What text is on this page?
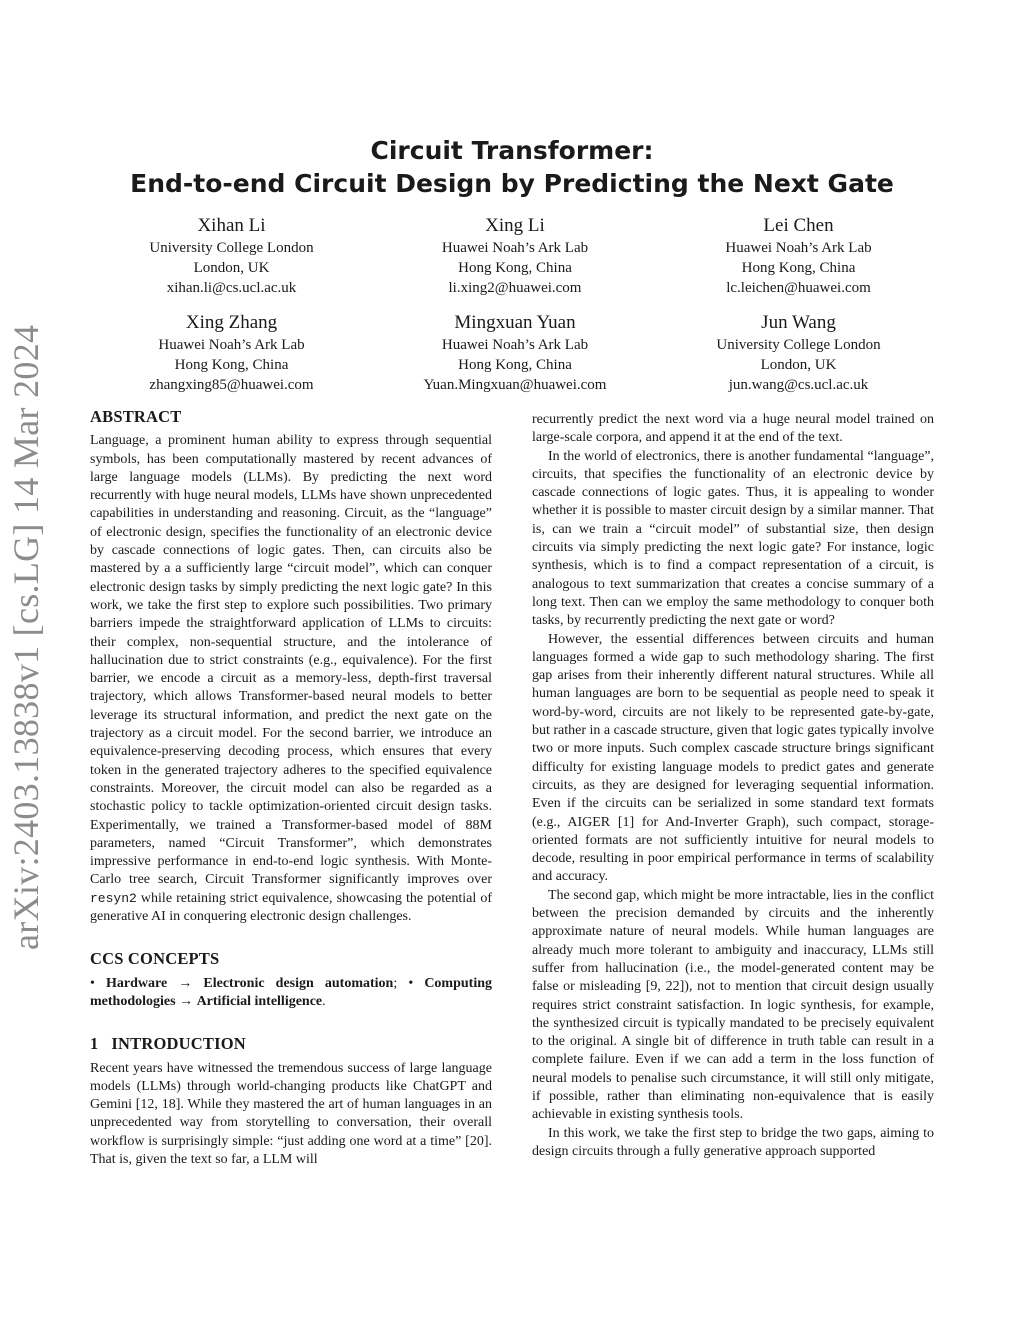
arXiv:2403.13838v1 [cs.LG] 14 Mar 2024
Circuit Transformer:
End-to-end Circuit Design by Predicting the Next Gate
Xihan Li
University College London
London, UK
xihan.li@cs.ucl.ac.uk
Xing Li
Huawei Noah’s Ark Lab
Hong Kong, China
li.xing2@huawei.com
Lei Chen
Huawei Noah’s Ark Lab
Hong Kong, China
lc.leichen@huawei.com
Xing Zhang
Huawei Noah’s Ark Lab
Hong Kong, China
zhangxing85@huawei.com
Mingxuan Yuan
Huawei Noah’s Ark Lab
Hong Kong, China
Yuan.Mingxuan@huawei.com
Jun Wang
University College London
London, UK
jun.wang@cs.ucl.ac.uk
ABSTRACT

Language, a prominent human ability to express through sequential symbols, has been computationally mastered by recent advances of large language models (LLMs). By predicting the next word recurrently with huge neural models, LLMs have shown unprecedented capabilities in understanding and reasoning. Circuit, as the “language” of electronic design, specifies the functionality of an electronic device by cascade connections of logic gates. Then, can circuits also be mastered by a a sufficiently large “circuit model”, which can conquer electronic design tasks by simply predicting the next logic gate? In this work, we take the first step to explore such possibilities. Two primary barriers impede the straightforward application of LLMs to circuits: their complex, non-sequential structure, and the intolerance of hallucination due to strict constraints (e.g., equivalence). For the first barrier, we encode a circuit as a memory-less, depth-first traversal trajectory, which allows Transformer-based neural models to better leverage its structural information, and predict the next gate on the trajectory as a circuit model. For the second barrier, we introduce an equivalence-preserving decoding process, which ensures that every token in the generated trajectory adheres to the specified equivalence constraints. Moreover, the circuit model can also be regarded as a stochastic policy to tackle optimization-oriented circuit design tasks. Experimentally, we trained a Transformer-based model of 88M parameters, named “Circuit Transformer”, which demonstrates impressive performance in end-to-end logic synthesis. With Monte-Carlo tree search, Circuit Transformer significantly improves over resyn2 while retaining strict equivalence, showcasing the potential of generative AI in conquering electronic design challenges.

CCS CONCEPTS

• Hardware → Electronic design automation; • Computing methodologies → Artificial intelligence.

1   INTRODUCTION

Recent years have witnessed the tremendous success of large language models (LLMs) through world-changing products like ChatGPT and Gemini [12, 18]. While they mastered the art of human languages in an unprecedented way from storytelling to conversation, their overall workflow is surprisingly simple: “just adding one word at a time” [20]. That is, given the text so far, a LLM will

recurrently predict the next word via a huge neural model trained on large-scale corpora, and append it at the end of the text.

In the world of electronics, there is another fundamental “language”, circuits, that specifies the functionality of an electronic device by cascade connections of logic gates. Thus, it is appealing to wonder whether it is possible to master circuit design by a similar manner. That is, can we train a “circuit model” of substantial size, then design circuits via simply predicting the next logic gate? For instance, logic synthesis, which is to find a compact representation of a circuit, is analogous to text summarization that creates a concise summary of a long text. Then can we employ the same methodology to conquer both tasks, by recurrently predicting the next gate or word?

However, the essential differences between circuits and human languages formed a wide gap to such methodology sharing. The first gap arises from their inherently different natural structures. While all human languages are born to be sequential as people need to speak it word-by-word, circuits are not likely to be represented gate-by-gate, but rather in a cascade structure, given that logic gates typically involve two or more inputs. Such complex cascade structure brings significant difficulty for existing language models to predict gates and generate circuits, as they are designed for leveraging sequential information. Even if the circuits can be serialized in some standard text formats (e.g., AIGER [1] for And-Inverter Graph), such compact, storage-oriented formats are not sufficiently intuitive for neural models to decode, resulting in poor empirical performance in terms of scalability and accuracy.

The second gap, which might be more intractable, lies in the conflict between the precision demanded by circuits and the inherently approximate nature of neural models. While human languages are already much more tolerant to ambiguity and inaccuracy, LLMs still suffer from hallucination (i.e., the model-generated content may be false or misleading [9, 22]), not to mention that circuit design usually requires strict constraint satisfaction. In logic synthesis, for example, the synthesized circuit is typically mandated to be precisely equivalent to the original. A single bit of difference in truth table can result in a complete failure. Even if we can add a term in the loss function of neural models to penalise such circumstance, it will still only mitigate, if possible, rather than eliminating non-equivalence that is easily achievable in existing synthesis tools.

In this work, we take the first step to bridge the two gaps, aiming to design circuits through a fully generative approach supported
